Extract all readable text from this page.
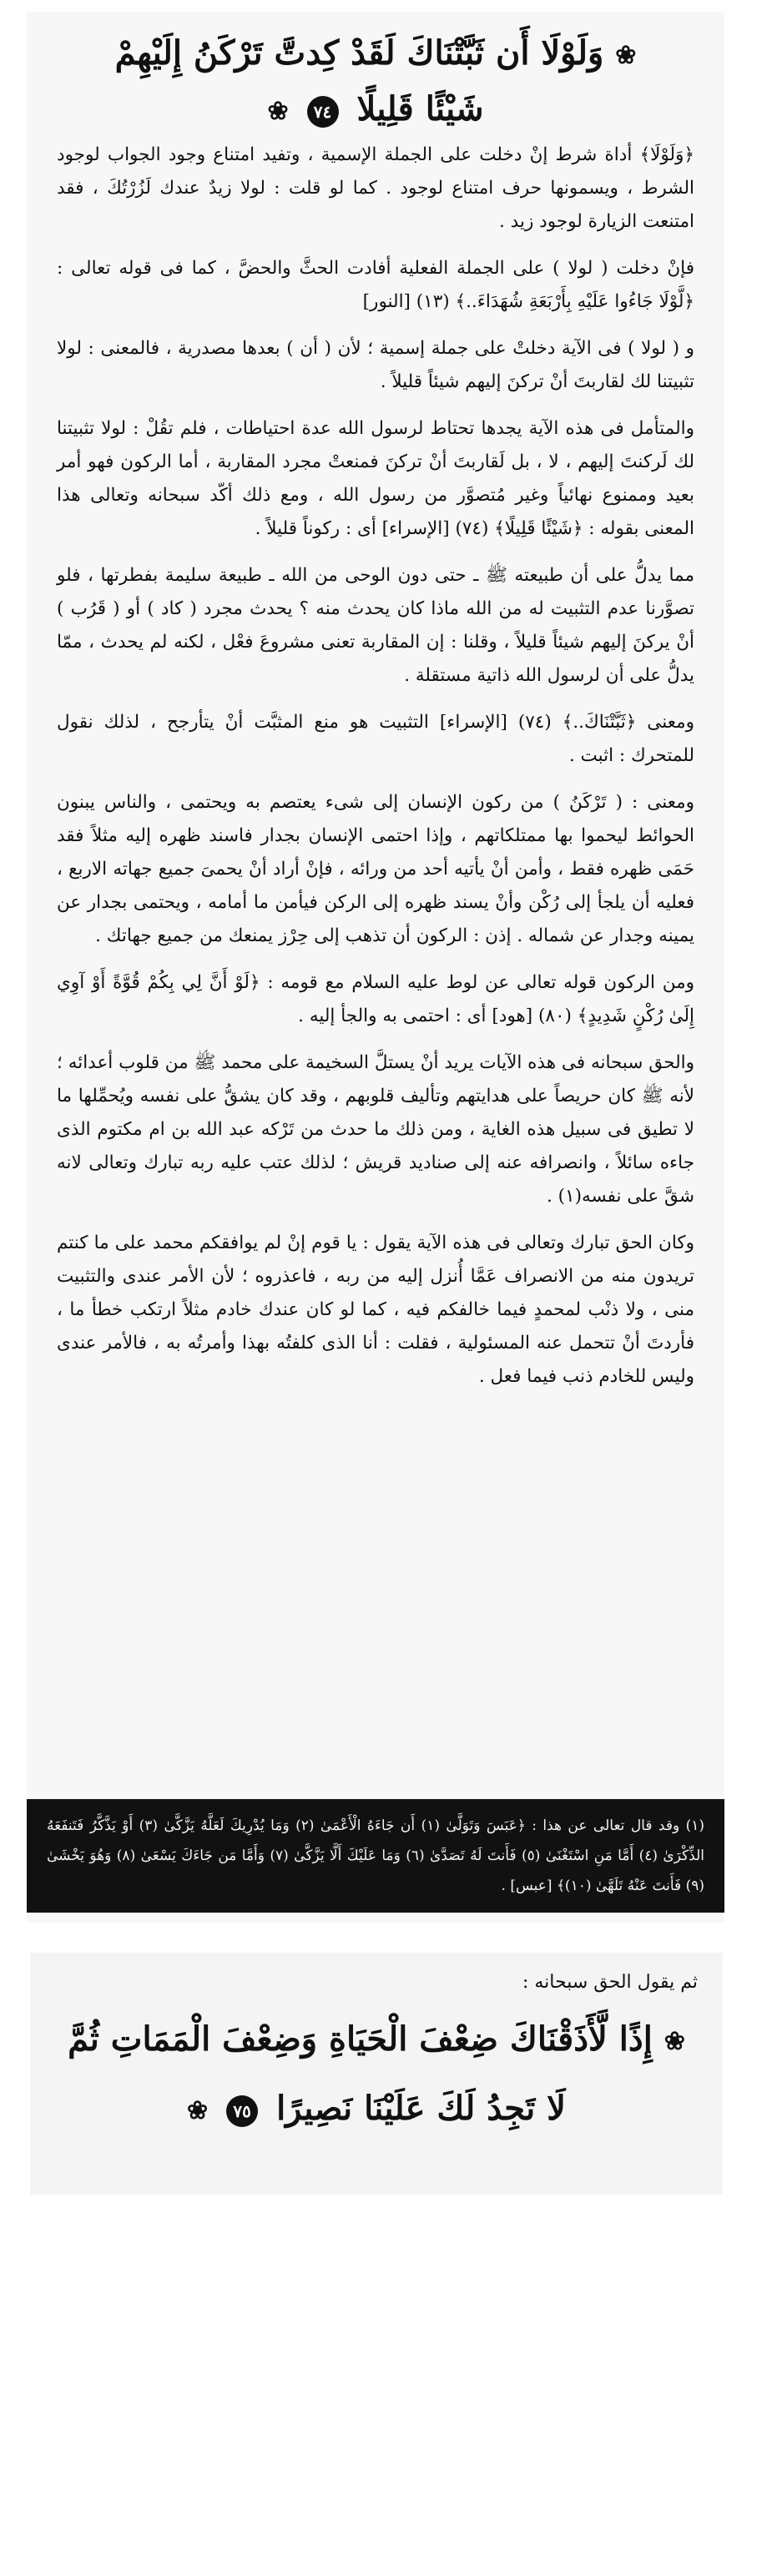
❀ وَلَوْلَا أَن ثَبَّتْنَاكَ لَقَدْ كِدتَّ تَرْكَنُ إِلَيْهِمْ

شَيْئًا قَلِيلًا ٧٤ ❀

﴿وَلَوْلَا﴾ أداة شرط إنْ دخلت على الجملة الإسمية ، وتفيد امتناع وجود الجواب لوجود الشرط ، ويسمونها حرف امتناع لوجود . كما لو قلت : لولا زيدٌ عندك لَزُرْتُكَ ، فقد امتنعت الزيارة لوجود زيد .

فإنْ دخلت ( لولا ) على الجملة الفعلية أفادت الحثَّ والحضَّ ، كما فى قوله تعالى : ﴿لَّوْلَا جَاءُوا عَلَيْهِ بِأَرْبَعَةِ شُهَدَاءَ..﴾ (١٣) [النور]

و ( لولا ) فى الآية دخلتْ على جملة إسمية ؛ لأن ( أن ) بعدها مصدرية ، فالمعنى : لولا تثبيتنا لك لقاربتَ أنْ تركنَ إليهم شيئاً قليلاً .

والمتأمل فى هذه الآية يجدها تحتاط لرسول الله عدة احتياطات ، فلم تقُلْ : لولا تثبيتنا لك لَركنتَ إليهم ، لا ، بل لَقاربتَ أنْ تركنَ فمنعتْ مجرد المقاربة ، أما الركون فهو أمر بعيد وممنوع نهائياً وغير مُتصوَّر من رسول الله ، ومع ذلك أكّد سبحانه وتعالى هذا المعنى بقوله : ﴿شَيْئًا قَلِيلًا﴾ (٧٤) [الإسراء] أى : ركوناً قليلاً .

مما يدلُّ على أن طبيعته ﷺ ـ حتى دون الوحى من الله ـ طبيعة سليمة بفطرتها ، فلو تصوَّرنا عدم التثبيت له من الله ماذا كان يحدث منه ؟ يحدث مجرد ( كاد ) أو ( قَرُب ) أنْ يركنَ إليهم شيئاً قليلاً ، وقلنا : إن المقاربة تعنى مشروعَ فعْل ، لكنه لم يحدث ، ممّا يدلُّ على أن لرسول الله ذاتية مستقلة .

ومعنى ﴿ثَبَّتْنَاكَ..﴾ (٧٤) [الإسراء] التثبيت هو منع المثبَّت أنْ يتأرجح ، لذلك نقول للمتحرك : اثبت .

ومعنى : ( تَرْكَنُ ) من ركون الإنسان إلى شىء يعتصم به ويحتمى ، والناس يبنون الحوائط ليحموا بها ممتلكاتهم ، وإذا احتمى الإنسان بجدار فاسند ظهره إليه مثلاً فقد حَمَى ظهره فقط ، وأمن أنْ يأتيه أحد من ورائه ، فإنْ أراد أنْ يحمىَ جميع جهاته الاربع ، فعليه أن يلجأ إلى رُكْن وأنْ يسند ظهره إلى الركن فيأمن ما أمامه ، ويحتمى بجدار عن يمينه وجدار عن شماله . إذن : الركون أن تذهب إلى حِرْز يمنعك من جميع جهاتك .

ومن الركون قوله تعالى عن لوط عليه السلام مع قومه : ﴿لَوْ أَنَّ لِي بِكُمْ قُوَّةً أَوْ آوِي إِلَىٰ رُكْنٍ شَدِيدٍ﴾ (٨٠) [هود] أى : احتمى به والجأ إليه .

والحق سبحانه فى هذه الآيات يريد أنْ يستلَّ السخيمة على محمد ﷺ من قلوب أعدائه ؛ لأنه ﷺ كان حريصاً على هدايتهم وتأليف قلوبهم ، وقد كان يشقُّ على نفسه ويُحمِّلها ما لا تطيق فى سبيل هذه الغاية ، ومن ذلك ما حدث من تَرْكه عبد الله بن ام مكتوم الذى جاءه سائلاً ، وانصرافه عنه إلى صناديد قريش ؛ لذلك عتب عليه ربه تبارك وتعالى لانه شقَّ على نفسه(١) .

وكان الحق تبارك وتعالى فى هذه الآية يقول : يا قوم إنْ لم يوافقكم محمد على ما كنتم تريدون منه من الانصراف عَمَّا أُنزل إليه من ربه ، فاعذروه ؛ لأن الأمر عندى والتثبيت منى ، ولا ذنْب لمحمدٍ فيما خالفكم فيه ، كما لو كان عندك خادم مثلاً ارتكب خطأ ما ، فأردتَ أنْ تتحمل عنه المسئولية ، فقلت : أنا الذى كلفتُه بهذا وأمرتُه به ، فالأمر عندى وليس للخادم ذنب فيما فعل .

(١) وقد قال تعالى عن هذا : ﴿عَبَسَ وَتَوَلَّىٰ (١) أَن جَاءَهُ الْأَعْمَىٰ (٢) وَمَا يُدْرِيكَ لَعَلَّهُ يَزَّكَّىٰ (٣) أَوْ يَذَّكَّرُ فَتَنفَعَهُ الذِّكْرَىٰ (٤) أَمَّا مَنِ اسْتَغْنَىٰ (٥) فَأَنتَ لَهُ تَصَدَّىٰ (٦) وَمَا عَلَيْكَ أَلَّا يَزَّكَّىٰ (٧) وَأَمَّا مَن جَاءَكَ يَسْعَىٰ (٨) وَهُوَ يَخْشَىٰ (٩) فَأَنتَ عَنْهُ تَلَهَّىٰ (١٠)﴾ [عبس] .

ثم يقول الحق سبحانه :

❀ إِذًا لَّأَذَقْنَاكَ ضِعْفَ الْحَيَاةِ وَضِعْفَ الْمَمَاتِ ثُمَّ

لَا تَجِدُ لَكَ عَلَيْنَا نَصِيرًا ٧٥ ❀
